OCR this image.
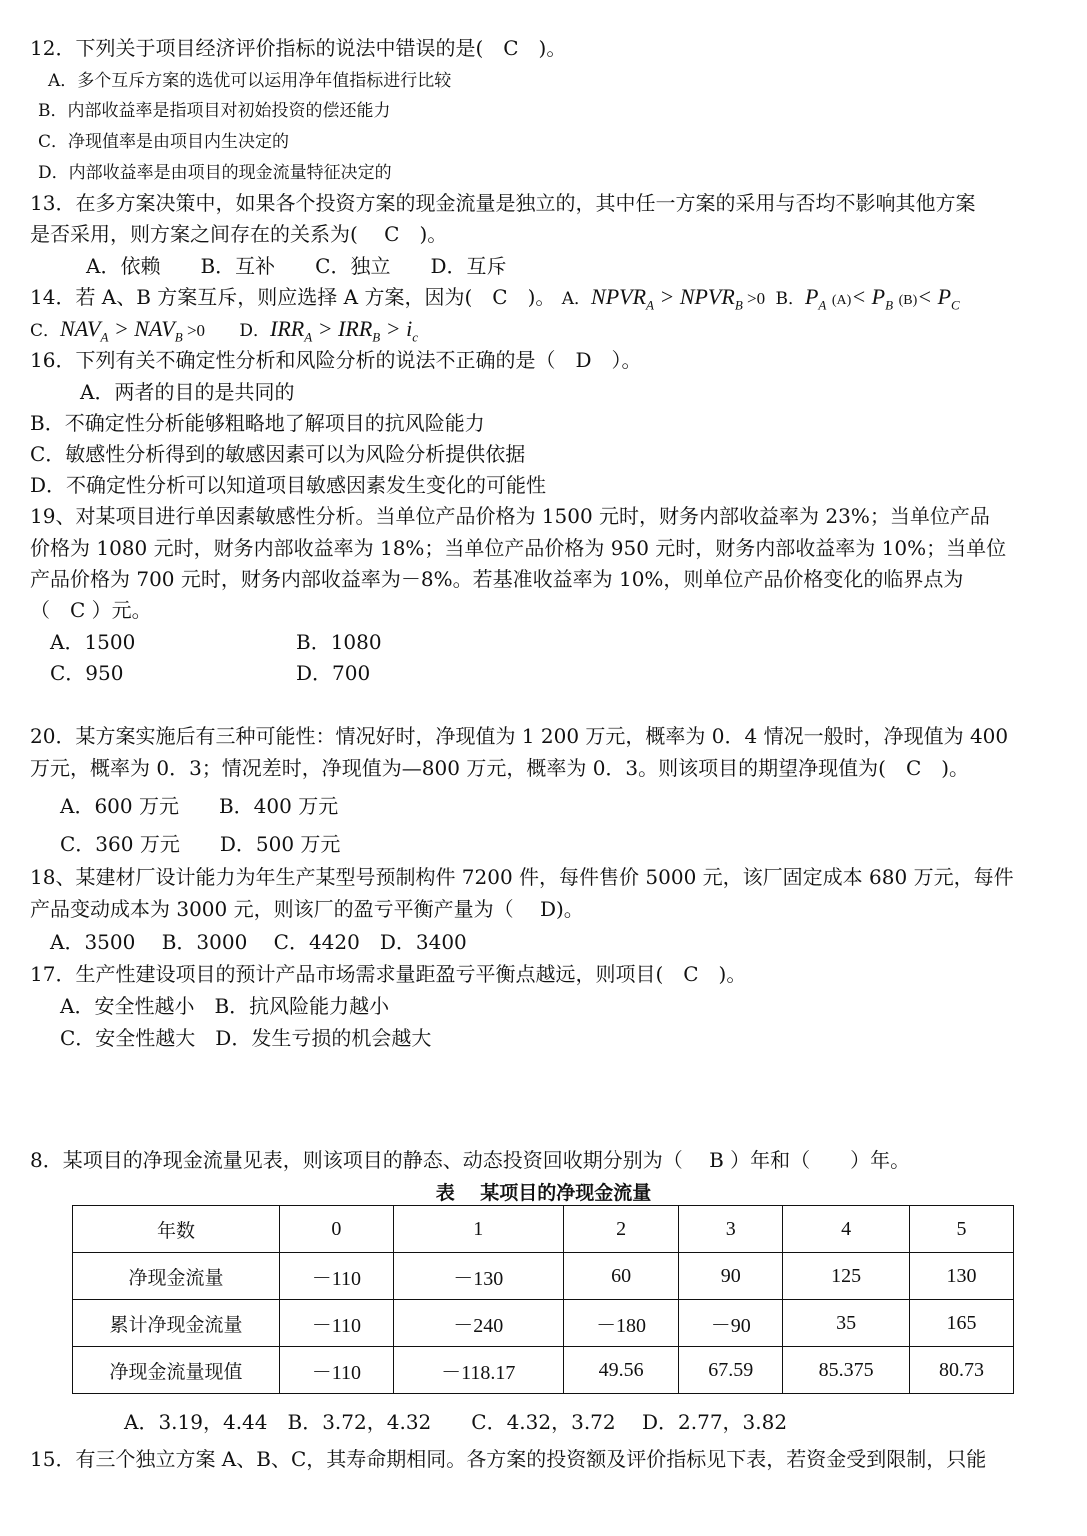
12．下列关于项目经济评价指标的说法中错误的是(　C　)。
A．多个互斥方案的选优可以运用净年值指标进行比较
B．内部收益率是指项目对初始投资的偿还能力
C．净现值率是由项目内生决定的
D．内部收益率是由项目的现金流量特征决定的
13．在多方案决策中，如果各个投资方案的现金流量是独立的，其中任一方案的采用与否均不影响其他方案
是否采用，则方案之间存在的关系为(　 C　)。
A．依赖　　B．互补　　C．独立　　D．互斥
14．若 A、B 方案互斥，则应选择 A 方案，因为(　C　)。 A．$NPVR_A$ > $NPVR_B >0$ B．$P_A$ $(A)< P_B$ $(B)< P_C$
C．$NAV_A > NAV_B >0$ D．$IRR_A > IRR_B > i_c$
16．下列有关不确定性分析和风险分析的说法不正确的是（　D　）。
A．两者的目的是共同的
B．不确定性分析能够粗略地了解项目的抗风险能力
C．敏感性分析得到的敏感因素可以为风险分析提供依据
D．不确定性分析可以知道项目敏感因素发生变化的可能性
19、对某项目进行单因素敏感性分析。当单位产品价格为 1500 元时，财务内部收益率为 23%；当单位产品
价格为 1080 元时，财务内部收益率为 18%；当单位产品价格为 950 元时，财务内部收益率为 10%；当单位
产品价格为 700 元时，财务内部收益率为－8%。若基准收益率为 10%，则单位产品价格变化的临界点为
（　C ）元。
A．1500	B．1080
C．950	D．700
20．某方案实施后有三种可能性：情况好时，净现值为 1 200 万元，概率为 0．4 情况一般时，净现值为 400
万元，概率为 0．3；情况差时，净现值为—800 万元，概率为 0．3。则该项目的期望净现值为(　C　)。
A．600 万元　　B．400 万元
C．360 万元　　D．500 万元
18、某建材厂设计能力为年生产某型号预制构件 7200 件，每件售价 5000 元，该厂固定成本 680 万元，每件
产品变动成本为 3000 元，则该厂的盈亏平衡产量为（　 D)。
A．3500　 B．3000　 C．4420　D．3400
17．生产性建设项目的预计产品市场需求量距盈亏平衡点越远，则项目(　C　)。
A．安全性越小　B．抗风险能力越小
C．安全性越大　D．发生亏损的机会越大
8．某项目的净现金流量见表，则该项目的静态、动态投资回收期分别为（　 B ）年和（　　）年。
表　 某项目的净现金流量
年数	0	1	2	3	4	5
净现金流量	－110	－130	60	90	125	130
累计净现金流量	－110	－240	－180	－90	35	165
净现金流量现值	－110	－118.17	49.56	67.59	85.375	80.73
A．3.19，4.44　B．3.72，4.32　　C．4.32，3.72　 D．2.77，3.82
15．有三个独立方案 A、B、C，其寿命期相同。各方案的投资额及评价指标见下表，若资金受到限制，只能
